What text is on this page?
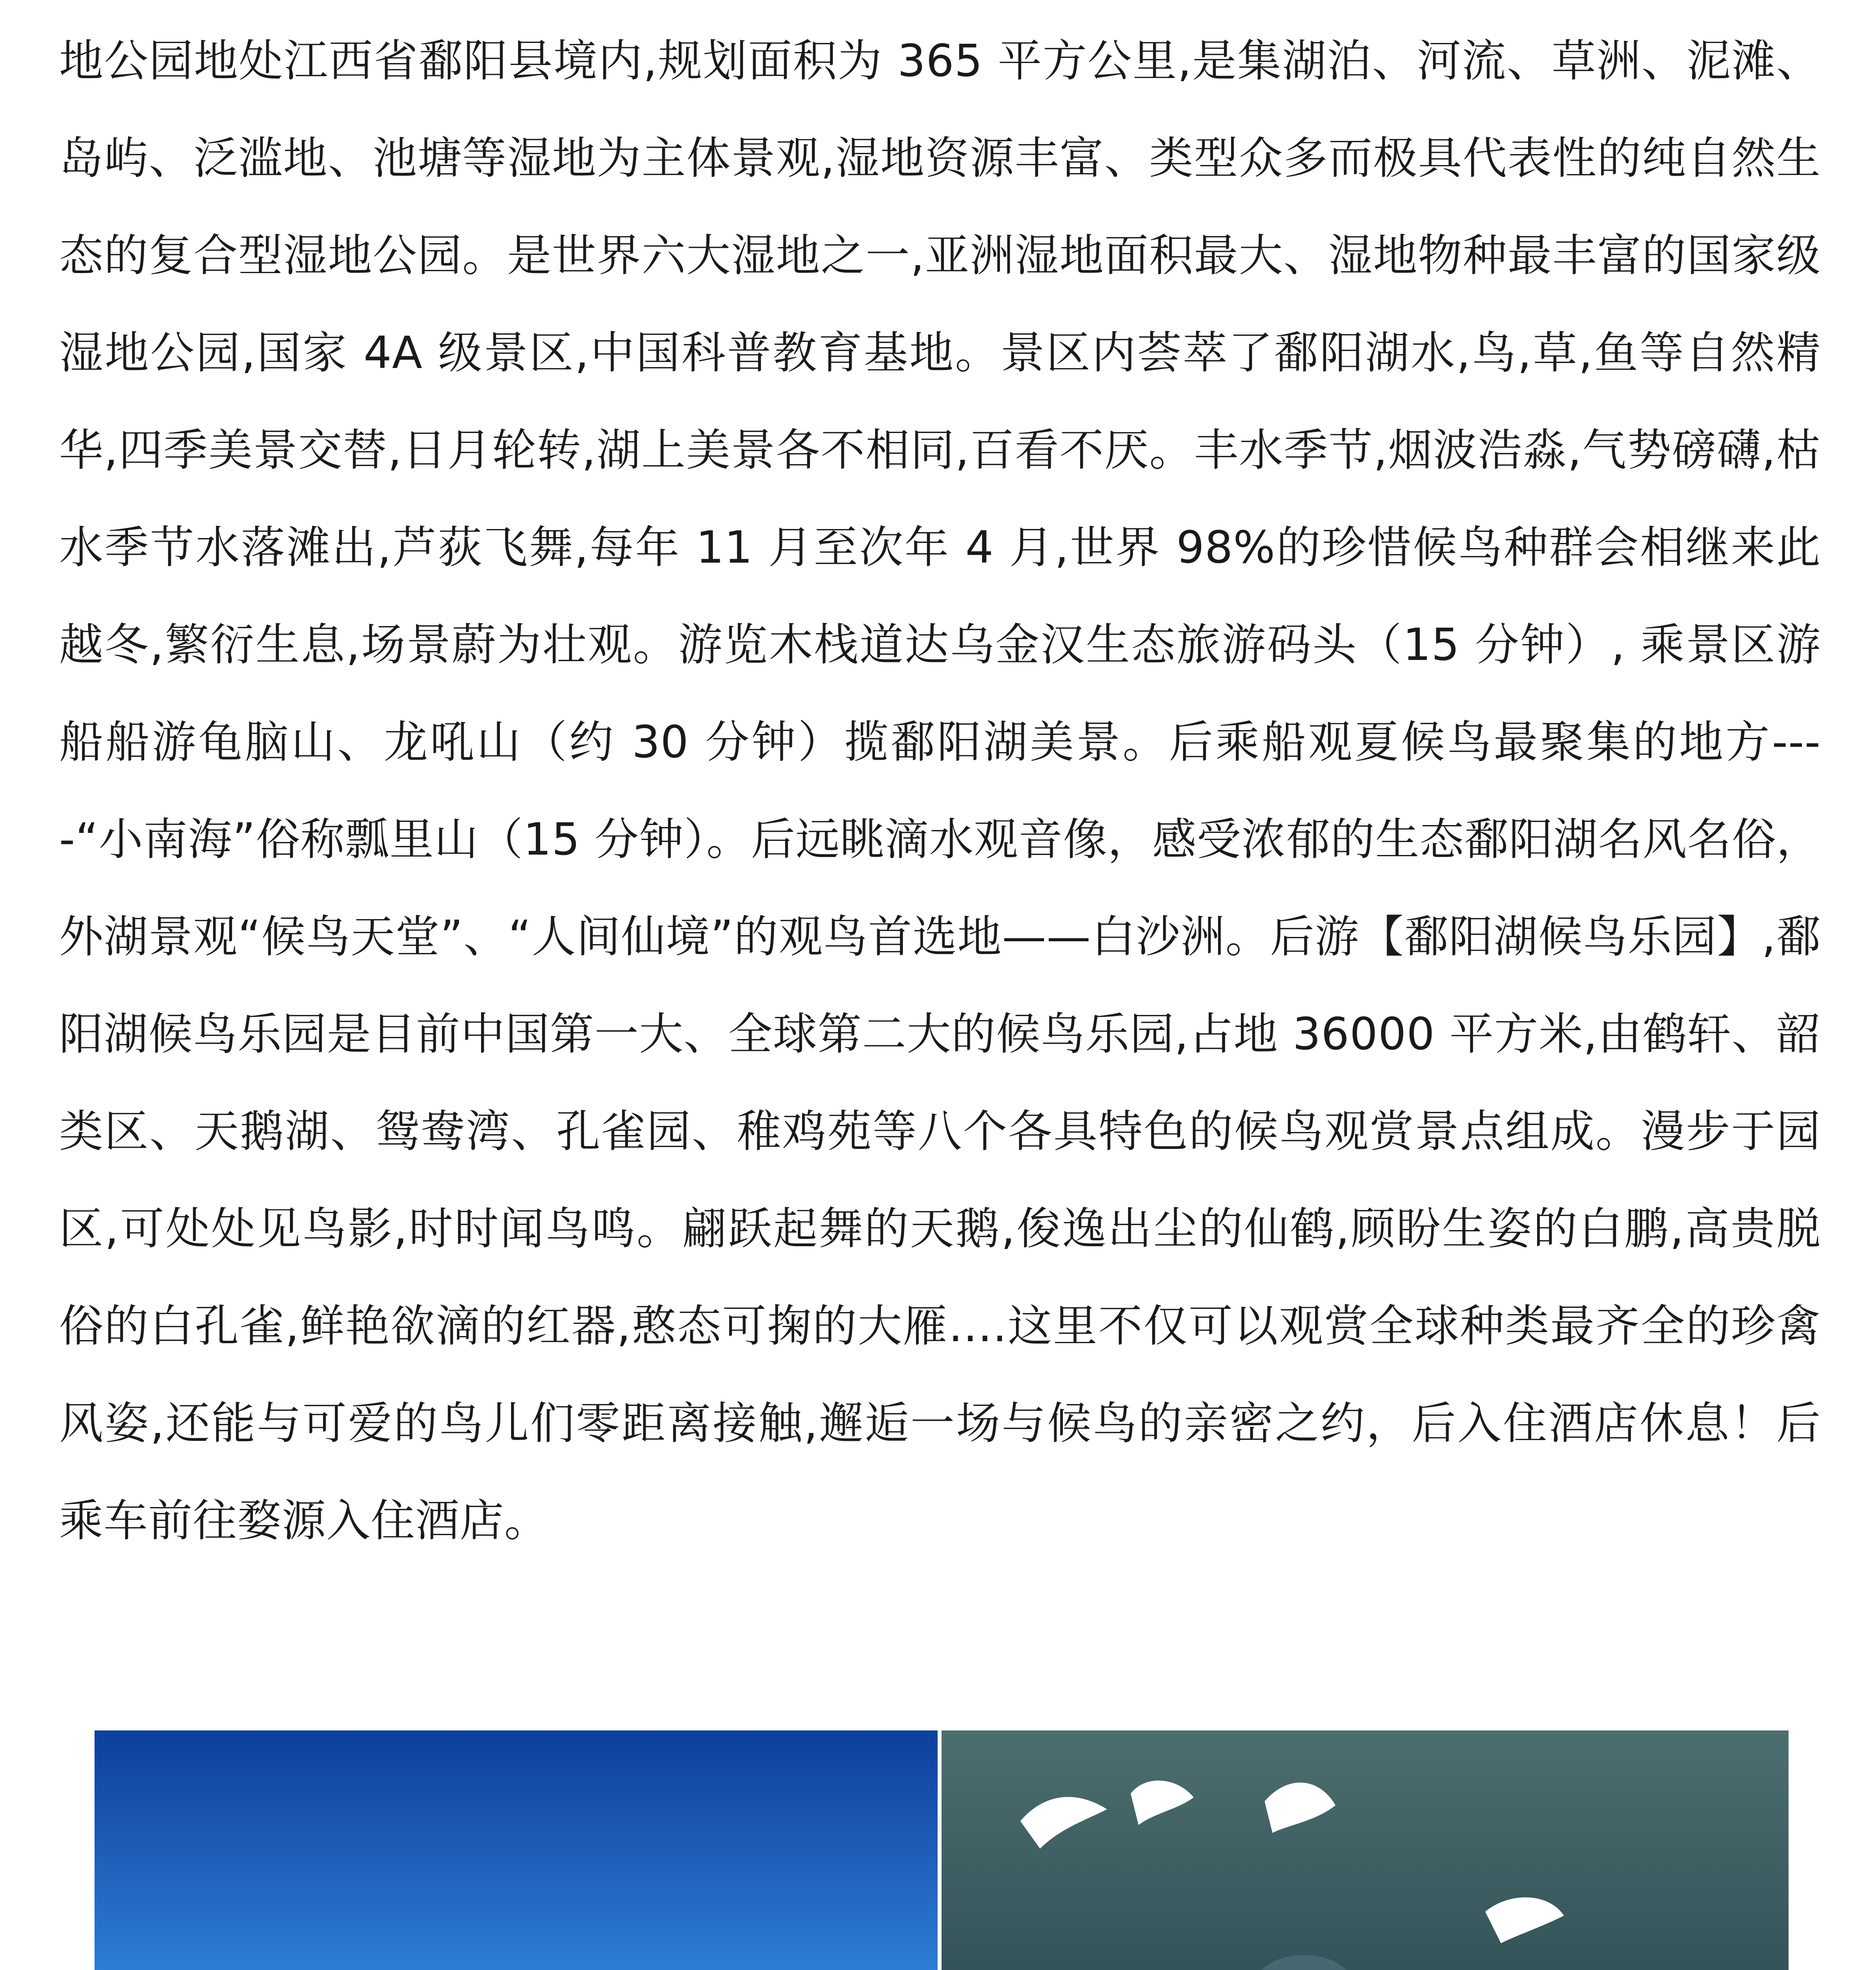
地公园地处江西省鄱阳县境内,规划面积为 365 平方公里,是集湖泊、河流、草洲、泥滩、岛屿、泛滥地、池塘等湿地为主体景观,湿地资源丰富、类型众多而极具代表性的纯自然生态的复合型湿地公园。是世界六大湿地之一,亚洲湿地面积最大、湿地物种最丰富的国家级湿地公园,国家 4A 级景区,中国科普教育基地。景区内荟萃了鄱阳湖水,鸟,草,鱼等自然精华,四季美景交替,日月轮转,湖上美景各不相同,百看不厌。丰水季节,烟波浩淼,气势磅礴,枯水季节水落滩出,芦荻飞舞,每年 11 月至次年 4 月,世界 98%的珍惜候鸟种群会相继来此越冬,繁衍生息,场景蔚为壮观。游览木栈道达乌金汉生态旅游码头（15 分钟）, 乘景区游船船游龟脑山、龙吼山（约 30 分钟）揽鄱阳湖美景。后乘船观夏候鸟最聚集的地方----“小南海”俗称瓢里山（15 分钟）。后远眺滴水观音像，感受浓郁的生态鄱阳湖名风名俗，外湖景观“候鸟天堂”、“人间仙境”的观鸟首选地——白沙洲。后游【鄱阳湖候鸟乐园】,鄱阳湖候鸟乐园是目前中国第一大、全球第二大的候鸟乐园,占地 36000 平方米,由鹤轩、韶类区、天鹅湖、鸳鸯湾、孔雀园、稚鸡苑等八个各具特色的候鸟观赏景点组成。漫步于园区,可处处见鸟影,时时闻鸟鸣。翩跃起舞的天鹅,俊逸出尘的仙鹤,顾盼生姿的白鹏,高贵脱俗的白孔雀,鲜艳欲滴的红器,憨态可掬的大雁….这里不仅可以观赏全球种类最齐全的珍禽风姿,还能与可爱的鸟儿们零距离接触,邂逅一场与候鸟的亲密之约，后入住酒店休息！后乘车前往婺源入住酒店。
